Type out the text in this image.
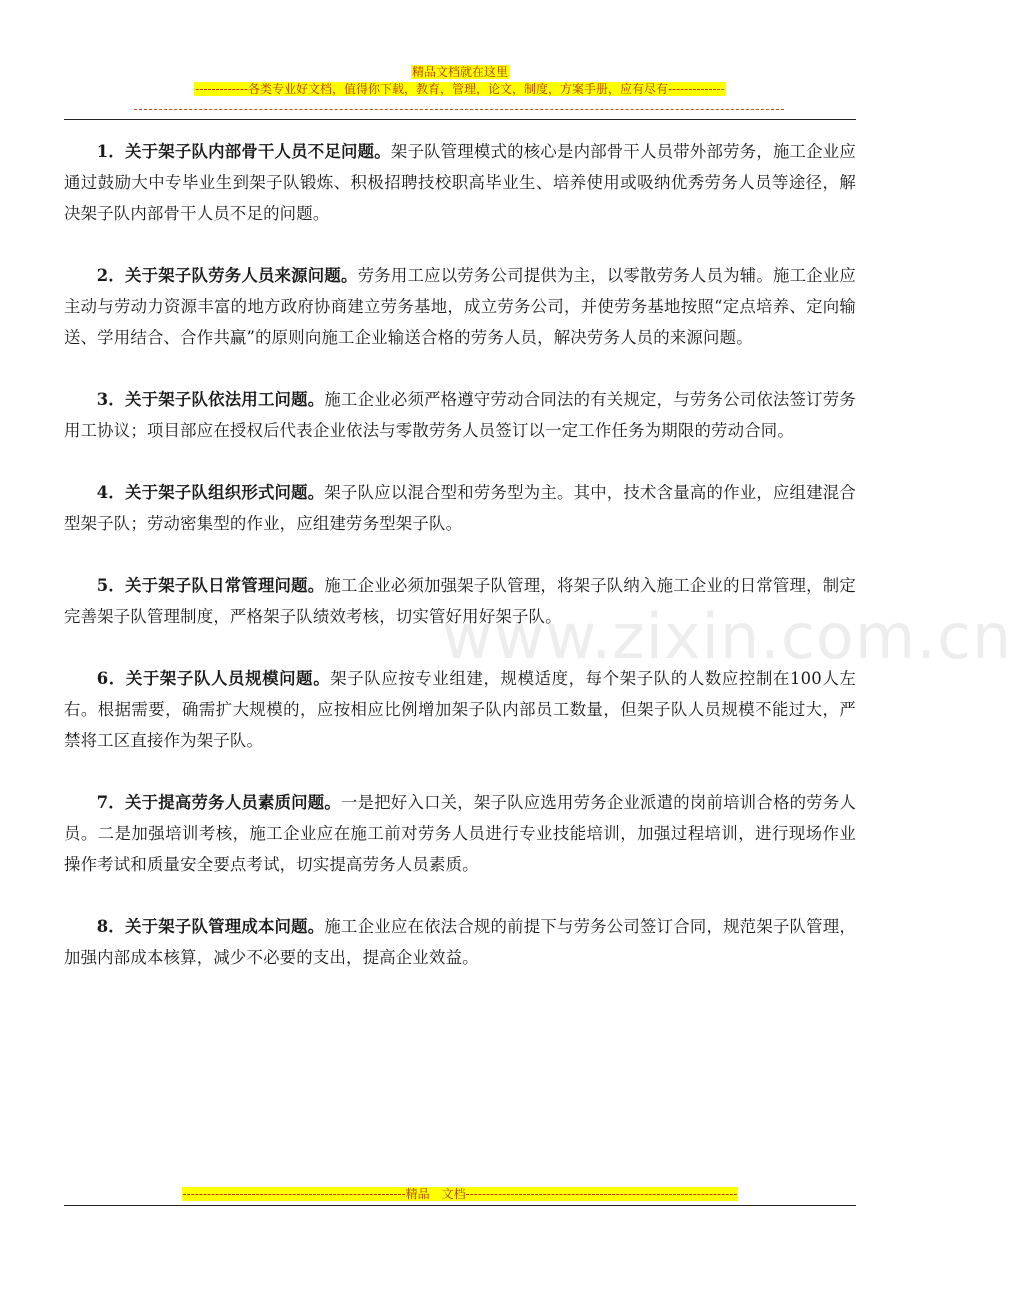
精品文档就在这里
-------------各类专业好文档，值得你下载，教育，管理，论文，制度，方案手册，应有尽有--------------
www.zixin.com.cn

1．关于架子队内部骨干人员不足问题。架子队管理模式的核心是内部骨干人员带外部劳务，施工企业应通过鼓励大中专毕业生到架子队锻炼、积极招聘技校职高毕业生、培养使用或吸纳优秀劳务人员等途径，解决架子队内部骨干人员不足的问题。

2．关于架子队劳务人员来源问题。劳务用工应以劳务公司提供为主，以零散劳务人员为辅。施工企业应主动与劳动力资源丰富的地方政府协商建立劳务基地，成立劳务公司，并使劳务基地按照“定点培养、定向输送、学用结合、合作共赢”的原则向施工企业输送合格的劳务人员，解决劳务人员的来源问题。

3．关于架子队依法用工问题。施工企业必须严格遵守劳动合同法的有关规定，与劳务公司依法签订劳务用工协议；项目部应在授权后代表企业依法与零散劳务人员签订以一定工作任务为期限的劳动合同。

4．关于架子队组织形式问题。架子队应以混合型和劳务型为主。其中，技术含量高的作业，应组建混合型架子队；劳动密集型的作业，应组建劳务型架子队。

5．关于架子队日常管理问题。施工企业必须加强架子队管理，将架子队纳入施工企业的日常管理，制定完善架子队管理制度，严格架子队绩效考核，切实管好用好架子队。

6．关于架子队人员规模问题。架子队应按专业组建，规模适度，每个架子队的人数应控制在100人左右。根据需要，确需扩大规模的，应按相应比例增加架子队内部员工数量，但架子队人员规模不能过大，严禁将工区直接作为架子队。

7．关于提高劳务人员素质问题。一是把好入口关，架子队应选用劳务企业派遣的岗前培训合格的劳务人员。二是加强培训考核，施工企业应在施工前对劳务人员进行专业技能培训，加强过程培训，进行现场作业操作考试和质量安全要点考试，切实提高劳务人员素质。

8．关于架子队管理成本问题。施工企业应在依法合规的前提下与劳务公司签订合同，规范架子队管理，加强内部成本核算，减少不必要的支出，提高企业效益。

-------------------------------------------------------精品　文档-------------------------------------------------------------------
